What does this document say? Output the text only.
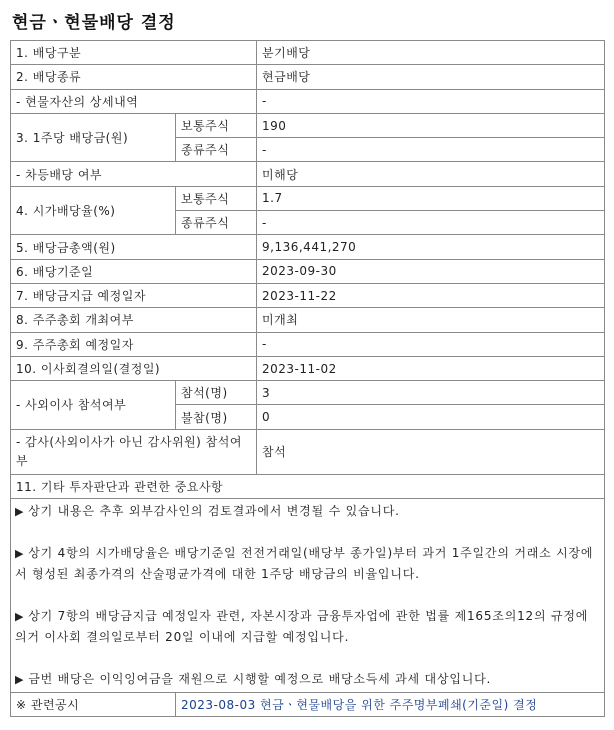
현금ㆍ현물배당 결정
1. 배당구분		분기배당
2. 배당종류		현금배당
- 현물자산의 상세내역		-
3. 1주당 배당금(원)	보통주식	190
	종류주식	-
- 차등배당 여부		미해당
4. 시가배당율(%)	보통주식	1.7
	종류주식	-
5. 배당금총액(원)		9,136,441,270
6. 배당기준일		2023-09-30
7. 배당금지급 예정일자		2023-11-22
8. 주주총회 개최여부		미개최
9. 주주총회 예정일자		-
10. 이사회결의일(결정일)		2023-11-02
- 사외이사 참석여부	참석(명)	3
	불참(명)	0
- 감사(사외이사가 아닌 감사위원) 참석여부		참석
11. 기타 투자판단과 관련한 중요사항		

▶ 상기 내용은 추후 외부감사인의 검토결과에서 변경될 수 있습니다.

▶ 상기 4항의 시가배당율은 배당기준일 전전거래일(배당부 종가일)부터 과거 1주일간의 거래소 시장에서 형성된 최종가격의 산술평균가격에 대한 1주당 배당금의 비율입니다.

▶ 상기 7항의 배당금지급 예정일자 관련, 자본시장과 금융투자업에 관한 법률 제165조의12의 규정에 의거 이사회 결의일로부터 20일 이내에 지급할 예정입니다.

▶ 금번 배당은 이익잉여금을 재원으로 시행할 예정으로 배당소득세 과세 대상입니다.		

※ 관련공시	2023-08-03 현금ㆍ현물배당을 위한 주주명부폐쇄(기준일) 결정	
